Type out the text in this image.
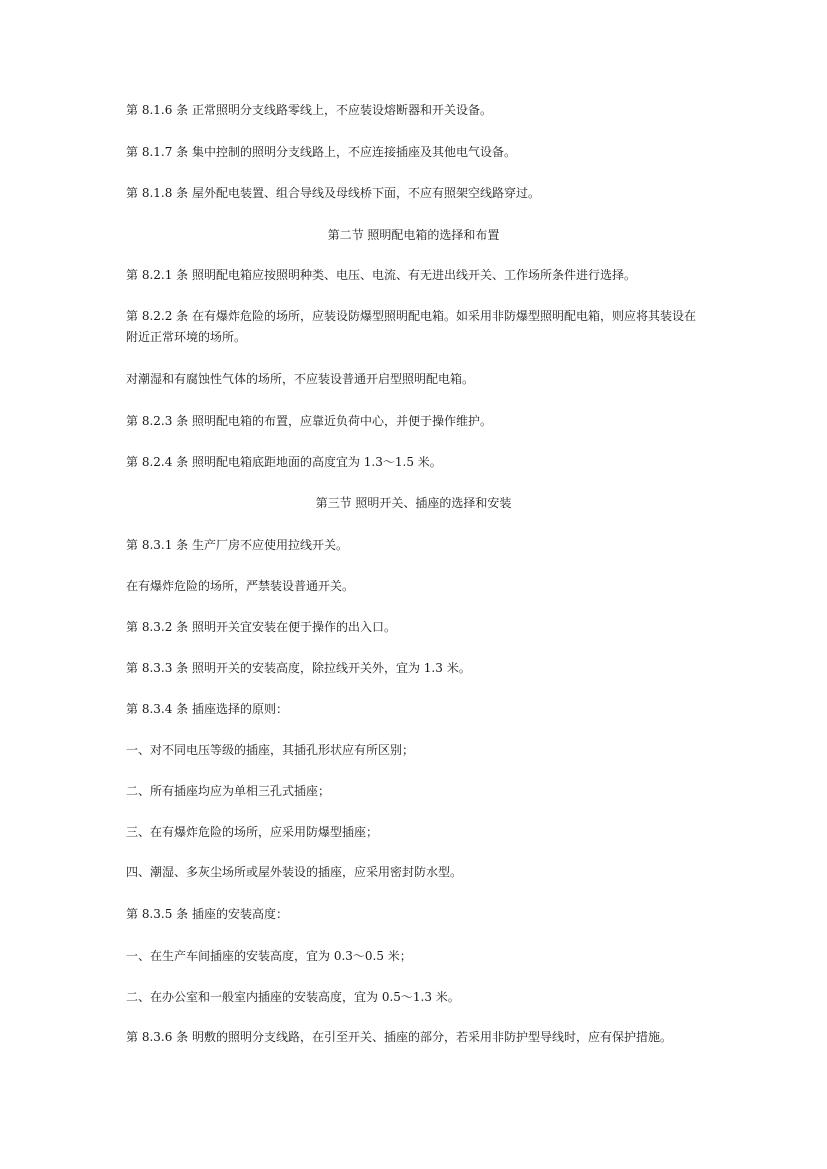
第 8.1.6 条 正常照明分支线路零线上，不应装设熔断器和开关设备。

第 8.1.7 条 集中控制的照明分支线路上，不应连接插座及其他电气设备。

第 8.1.8 条 屋外配电装置、组合导线及母线桥下面，不应有照架空线路穿过。

第二节 照明配电箱的选择和布置

第 8.2.1 条 照明配电箱应按照明种类、电压、电流、有无进出线开关、工作场所条件进行选择。

第 8.2.2 条 在有爆炸危险的场所，应装设防爆型照明配电箱。如采用非防爆型照明配电箱，则应将其装设在附近正常环境的场所。

对潮湿和有腐蚀性气体的场所，不应装设普通开启型照明配电箱。

第 8.2.3 条 照明配电箱的布置，应靠近负荷中心，并便于操作维护。

第 8.2.4 条 照明配电箱底距地面的高度宜为 1.3～1.5 米。

第三节 照明开关、插座的选择和安装

第 8.3.1 条 生产厂房不应使用拉线开关。

在有爆炸危险的场所，严禁装设普通开关。

第 8.3.2 条 照明开关宜安装在便于操作的出入口。

第 8.3.3 条 照明开关的安装高度，除拉线开关外，宜为 1.3 米。

第 8.3.4 条 插座选择的原则：

一、对不同电压等级的插座，其插孔形状应有所区别；

二、所有插座均应为单相三孔式插座；

三、在有爆炸危险的场所，应采用防爆型插座；

四、潮湿、多灰尘场所或屋外装设的插座，应采用密封防水型。

第 8.3.5 条 插座的安装高度：

一、在生产车间插座的安装高度，宜为 0.3～0.5 米；

二、在办公室和一般室内插座的安装高度，宜为 0.5～1.3 米。

第 8.3.6 条 明敷的照明分支线路，在引至开关、插座的部分，若采用非防护型导线时，应有保护措施。
